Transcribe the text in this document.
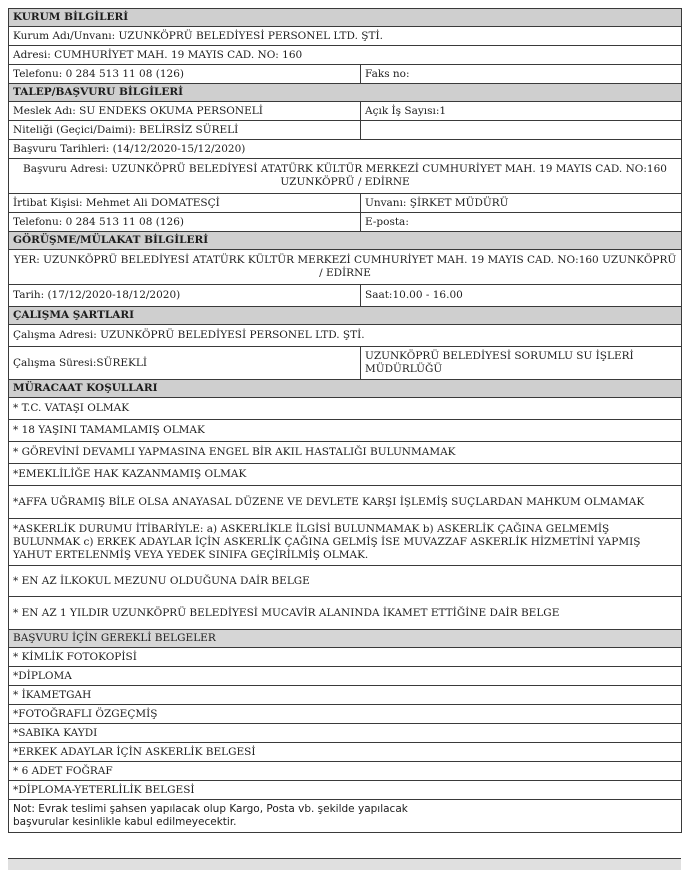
KURUM BİLGİLERİ	
Kurum Adı/Unvanı: UZUNKÖPRÜ BELEDİYESİ PERSONEL LTD. ŞTİ.	
Adresi: CUMHURİYET MAH. 19 MAYIS CAD. NO: 160	
Telefonu: 0 284 513 11 08 (126)	Faks no:
TALEP/BAŞVURU BİLGİLERİ	
Meslek Adı: SU ENDEKS OKUMA PERSONELİ	Açık İş Sayısı:1
Niteliği (Geçici/Daimi): BELİRSİZ SÜRELİ	
Başvuru Tarihleri: (14/12/2020-15/12/2020)	
Başvuru Adresi: UZUNKÖPRÜ BELEDİYESİ ATATÜRK KÜLTÜR MERKEZİ CUMHURİYET MAH. 19 MAYIS CAD. NO:160 UZUNKÖPRÜ / EDİRNE	
İrtibat Kişisi: Mehmet Ali DOMATESÇİ	Unvanı: ŞİRKET MÜDÜRÜ
Telefonu: 0 284 513 11 08 (126)	E-posta:
GÖRÜŞME/MÜLAKAT BİLGİLERİ	
YER: UZUNKÖPRÜ BELEDİYESİ ATATÜRK KÜLTÜR MERKEZİ CUMHURİYET MAH. 19 MAYIS CAD. NO:160 UZUNKÖPRÜ / EDİRNE	
Tarih: (17/12/2020-18/12/2020)	Saat:10.00 - 16.00
ÇALIŞMA ŞARTLARI	
Çalışma Adresi: UZUNKÖPRÜ BELEDİYESİ PERSONEL LTD. ŞTİ.	
Çalışma Süresi:SÜREKLİ	UZUNKÖPRÜ BELEDİYESİ SORUMLU SU İŞLERİ MÜDÜRLÜĞÜ
MÜRACAAT KOŞULLARI	
* T.C. VATAŞI OLMAK	
* 18 YAŞINI TAMAMLAMIŞ OLMAK	
* GÖREVİNİ DEVAMLI YAPMASINA ENGEL BİR AKIL HASTALIĞI BULUNMAMAK	
*EMEKLİLİĞE HAK KAZANMAMIŞ OLMAK	
*AFFA UĞRAMIŞ BİLE OLSA ANAYASAL DÜZENE VE DEVLETE KARŞI İŞLEMİŞ SUÇLARDAN MAHKUM OLMAMAK	
*ASKERLİK DURUMU İTİBARİYLE: a) ASKERLİKLE İLGİSİ BULUNMAMAK b) ASKERLİK ÇAĞINA GELMEMİŞ BULUNMAK c) ERKEK ADAYLAR İÇİN ASKERLİK ÇAĞINA GELMİŞ İSE MUVAZZAF ASKERLİK HİZMETİNİ YAPMIŞ YAHUT ERTELENMİŞ VEYA YEDEK SINIFA GEÇİRİLMİŞ OLMAK.	
* EN AZ İLKOKUL MEZUNU OLDUĞUNA DAİR BELGE	
* EN AZ 1 YILDIR UZUNKÖPRÜ BELEDİYESİ MUCAVİR ALANINDA İKAMET ETTİĞİNE DAİR BELGE	
BAŞVURU İÇİN GEREKLİ BELGELER	
* KİMLİK FOTOKOPİSİ	
*DİPLOMA	
* İKAMETGAH	
*FOTOĞRAFLI ÖZGEÇMİŞ	
*SABIKA KAYDI	
*ERKEK ADAYLAR İÇİN ASKERLİK BELGESİ	
* 6 ADET FOĞRAF	
*DİPLOMA-YETERLİLİK BELGESİ	

Not: Evrak teslimi şahsen yapılacak olup Kargo, Posta vb. şekilde yapılacak başvurular kesinlikle kabul edilmeyecektir.	
